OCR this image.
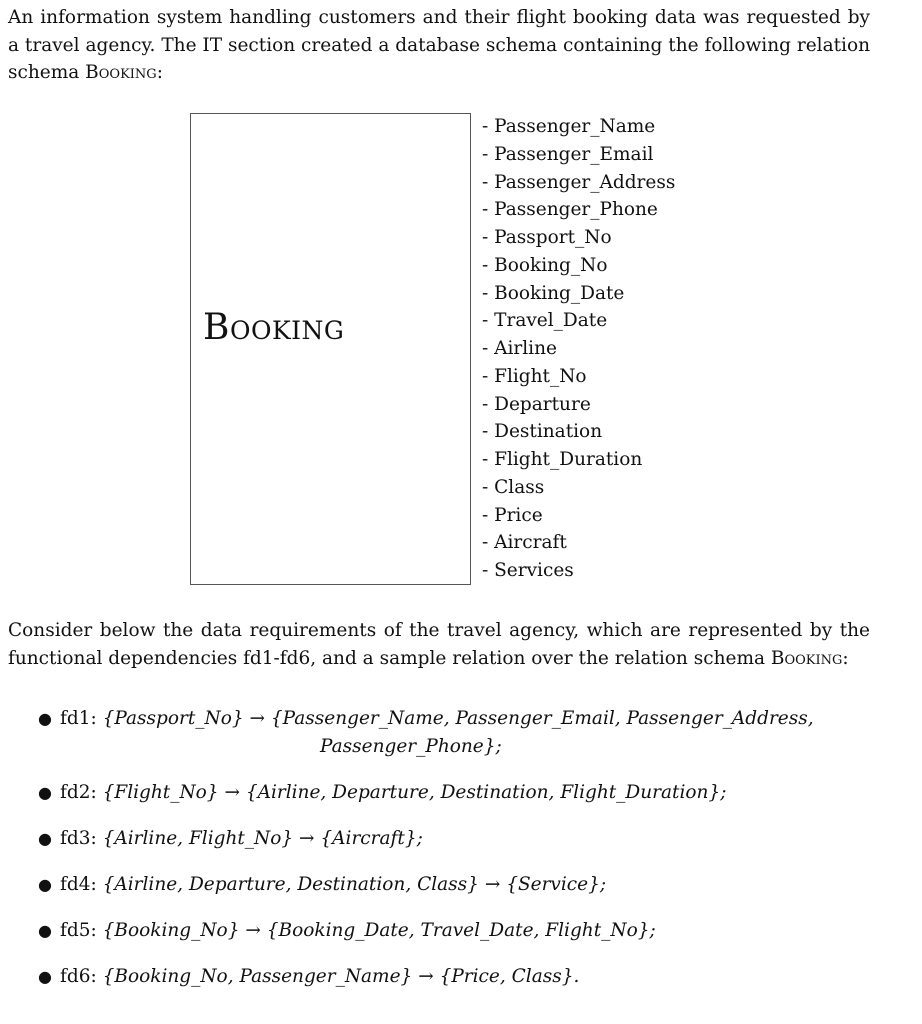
An information system handling customers and their flight booking data was requested by a travel agency. The IT section created a database schema containing the following relation schema Booking:

Booking
- Passenger_Name
- Passenger_Email
- Passenger_Address
- Passenger_Phone
- Passport_No
- Booking_No
- Booking_Date
- Travel_Date
- Airline
- Flight_No
- Departure
- Destination
- Flight_Duration
- Class
- Price
- Aircraft
- Services

Consider below the data requirements of the travel agency, which are represented by the functional dependencies fd1-fd6, and a sample relation over the relation schema Booking:

● fd1: {Passport_No} → {Passenger_Name, Passenger_Email, Passenger_Address,
Passenger_Phone};
● fd2: {Flight_No} → {Airline, Departure, Destination, Flight_Duration};
● fd3: {Airline, Flight_No} → {Aircraft};
● fd4: {Airline, Departure, Destination, Class} → {Service};
● fd5: {Booking_No} → {Booking_Date, Travel_Date, Flight_No};
● fd6: {Booking_No, Passenger_Name} → {Price, Class}.
